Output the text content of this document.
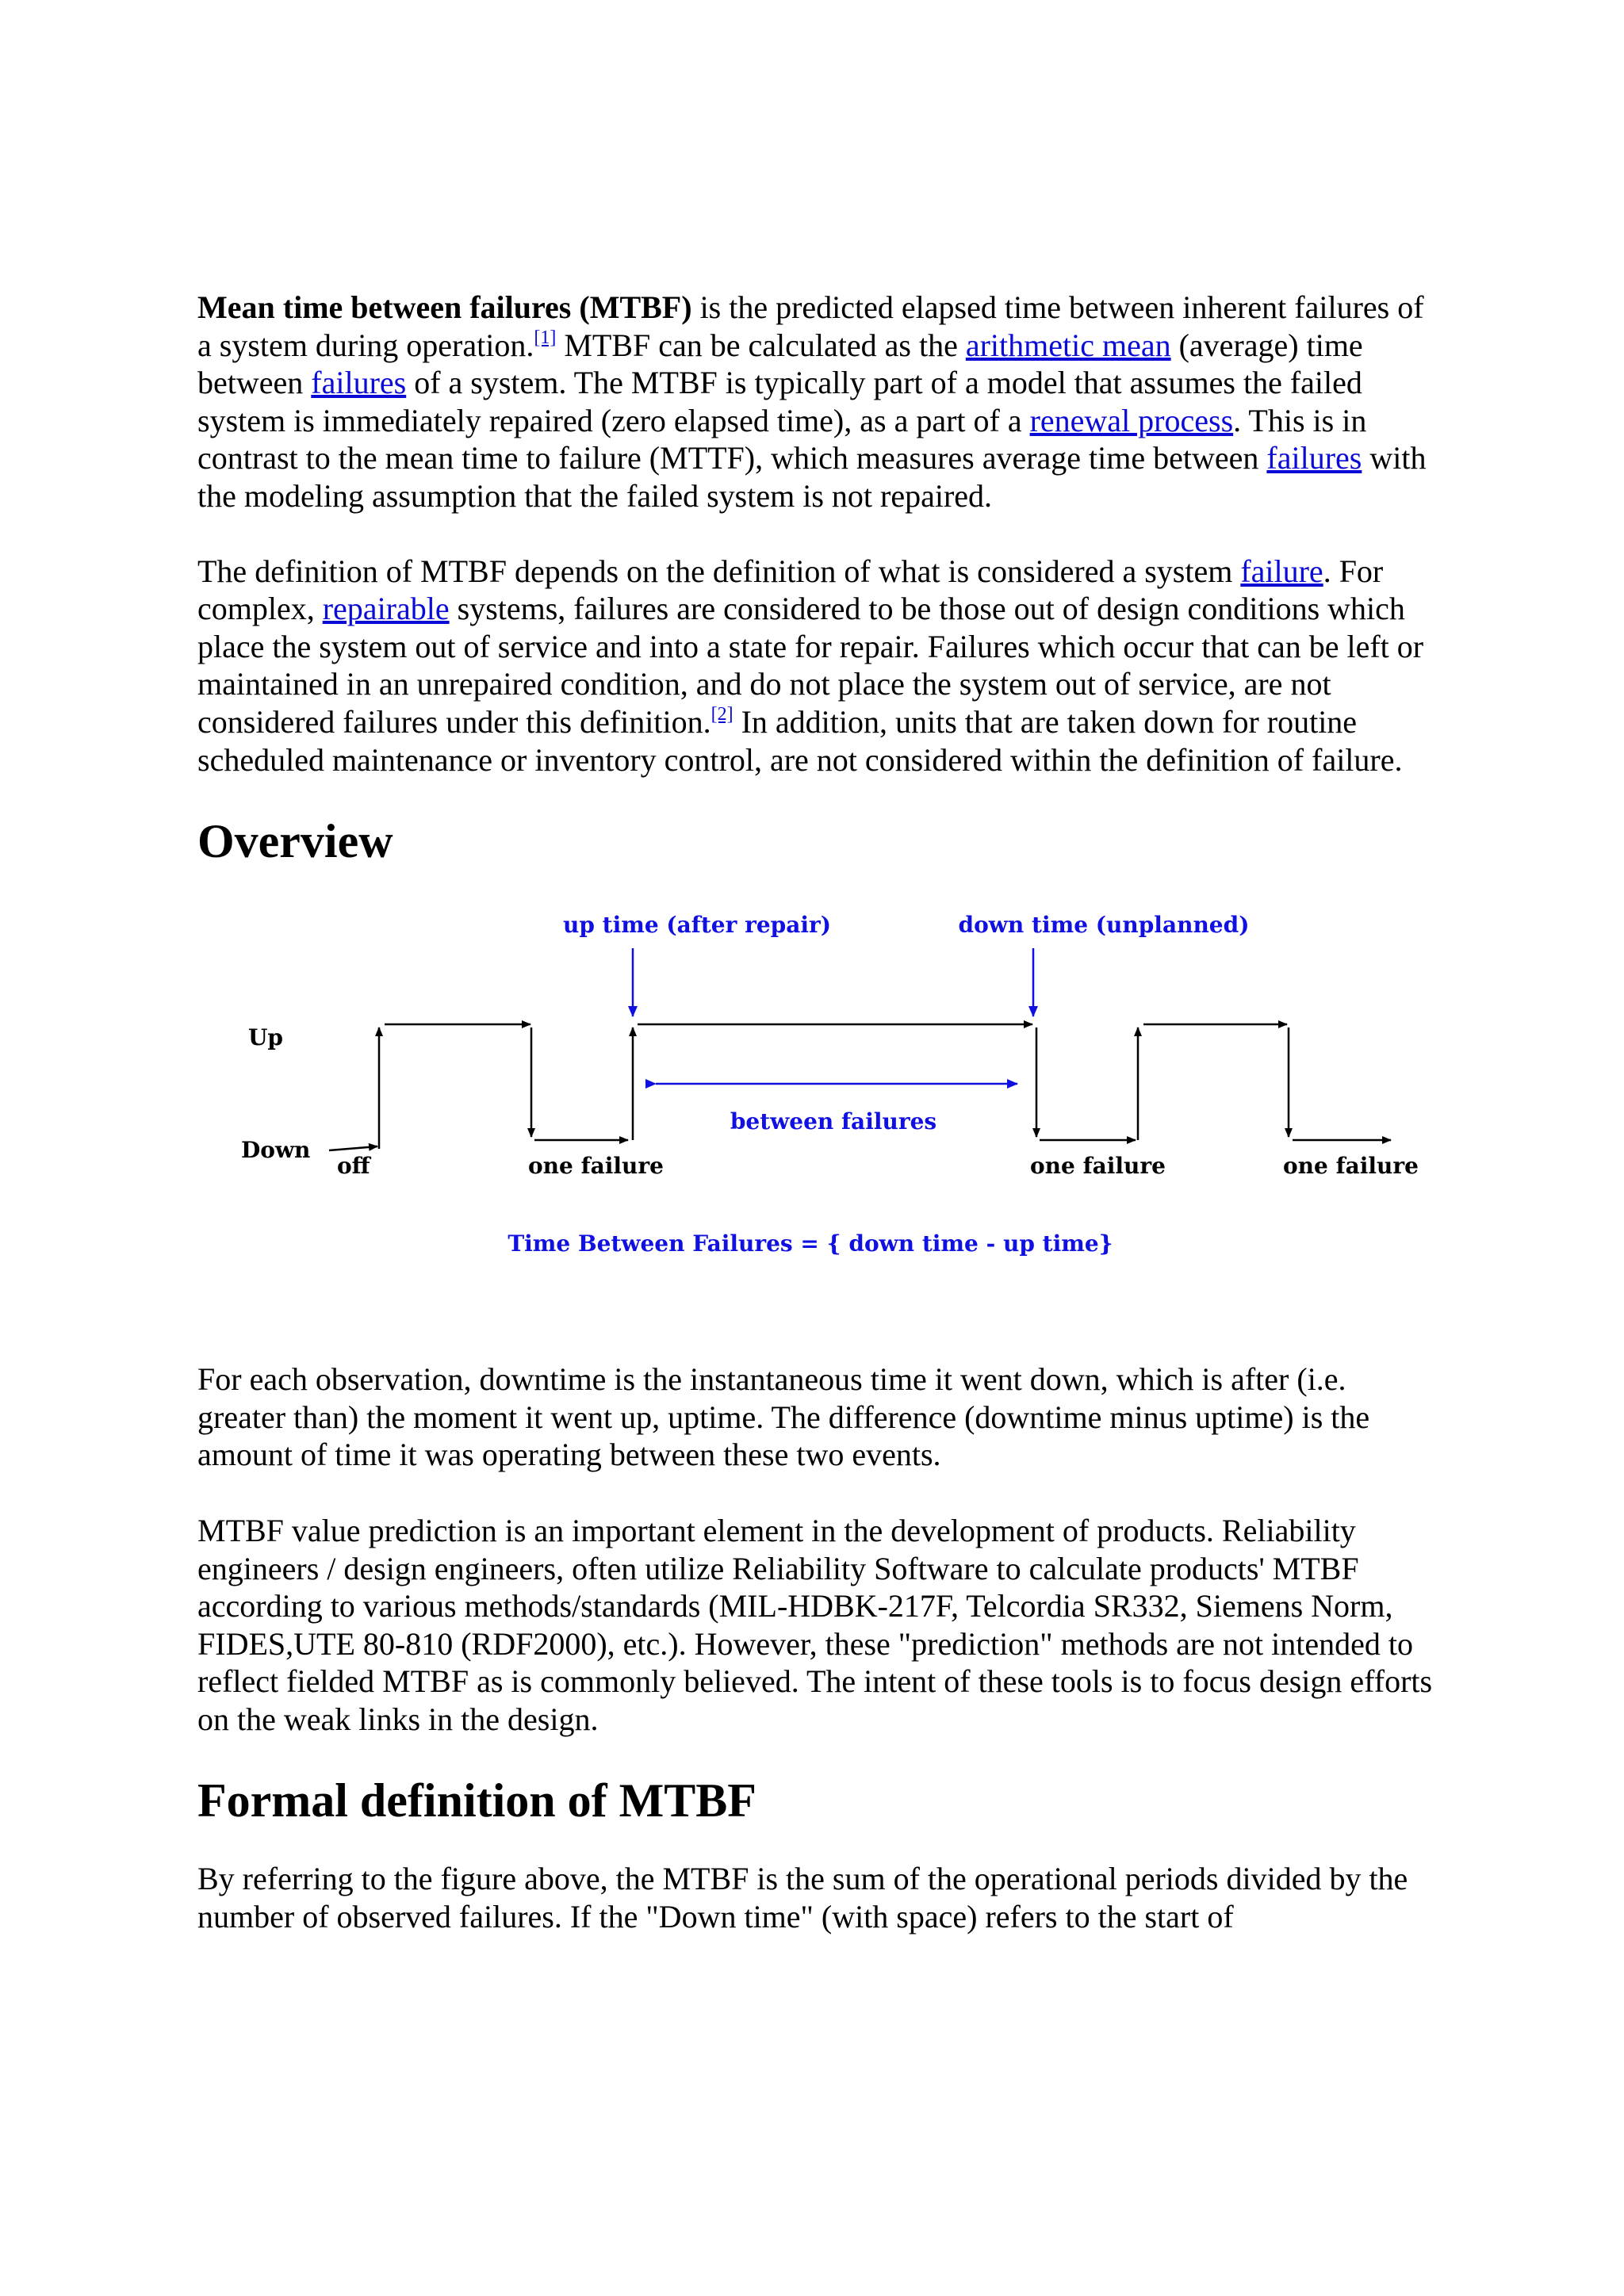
Mean time between failures (MTBF) is the predicted elapsed time between inherent failures of a system during operation.[1] MTBF can be calculated as the arithmetic mean (average) time between failures of a system. The MTBF is typically part of a model that assumes the failed system is immediately repaired (zero elapsed time), as a part of a renewal process. This is in contrast to the mean time to failure (MTTF), which measures average time between failures with the modeling assumption that the failed system is not repaired.

The definition of MTBF depends on the definition of what is considered a system failure. For complex, repairable systems, failures are considered to be those out of design conditions which place the system out of service and into a state for repair. Failures which occur that can be left or maintained in an unrepaired condition, and do not place the system out of service, are not considered failures under this definition.[2] In addition, units that are taken down for routine scheduled maintenance or inventory control, are not considered within the definition of failure.

Overview
up time (after repair)	down time (unplanned)
Up
Down
between failures
off	one failure	one failure	one failure
Time Between Failures = { down time - up time}

For each observation, downtime is the instantaneous time it went down, which is after (i.e. greater than) the moment it went up, uptime. The difference (downtime minus uptime) is the amount of time it was operating between these two events.

MTBF value prediction is an important element in the development of products. Reliability engineers / design engineers, often utilize Reliability Software to calculate products' MTBF according to various methods/standards (MIL-HDBK-217F, Telcordia SR332, Siemens Norm, FIDES,UTE 80-810 (RDF2000), etc.). However, these "prediction" methods are not intended to reflect fielded MTBF as is commonly believed. The intent of these tools is to focus design efforts on the weak links in the design.

Formal definition of MTBF

By referring to the figure above, the MTBF is the sum of the operational periods divided by the number of observed failures. If the "Down time" (with space) refers to the start of
